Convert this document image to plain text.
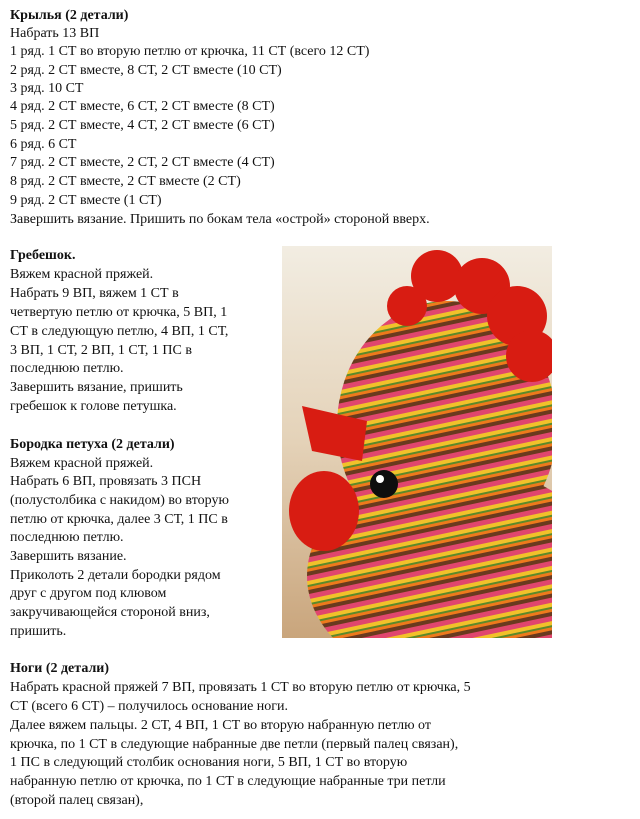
Крылья (2 детали)
Набрать 13 ВП
1 ряд. 1 СТ во вторую петлю от крючка, 11 СТ (всего 12 СТ)
2 ряд. 2 СТ вместе, 8 СТ, 2 СТ вместе (10 СТ)
3 ряд. 10 СТ
4 ряд. 2 СТ вместе, 6 СТ, 2 СТ вместе (8 СТ)
5 ряд. 2 СТ вместе, 4 СТ, 2 СТ вместе (6 СТ)
6 ряд. 6 СТ
7 ряд. 2 СТ вместе, 2 СТ, 2 СТ вместе (4 СТ)
8 ряд. 2 СТ вместе, 2 СТ вместе (2 СТ)
9 ряд. 2 СТ вместе (1 СТ)
Завершить вязание. Пришить по бокам тела «острой» стороной вверх.
Гребешок.
Вяжем красной пряжей.
Набрать 9 ВП, вяжем 1 СТ в
четвертую петлю от крючка, 5 ВП, 1
СТ в следующую петлю, 4 ВП, 1 СТ,
3 ВП, 1 СТ, 2 ВП, 1 СТ, 1 ПС в
последнюю петлю.
Завершить вязание, пришить
гребешок к голове петушка.
Бородка петуха (2 детали)
Вяжем красной пряжей.
Набрать 6 ВП, провязать 3 ПСН
(полустолбика с накидом) во вторую
петлю от крючка, далее 3 СТ, 1 ПС в
последнюю петлю.
Завершить вязание.
Приколоть 2 детали бородки рядом
друг с другом под клювом
закручивающейся стороной вниз,
пришить.
Ноги (2 детали)
Набрать красной пряжей 7 ВП, провязать 1 СТ во вторую петлю от крючка, 5
СТ (всего 6 СТ) – получилось основание ноги.
Далее вяжем пальцы. 2 СТ, 4 ВП, 1 СТ во вторую набранную петлю от
крючка, по 1 СТ в следующие набранные две петли (первый палец связан),
1 ПС в следующий столбик основания ноги, 5 ВП, 1 СТ во вторую
набранную петлю от крючка, по 1 СТ в следующие набранные три петли
(второй палец связан),
